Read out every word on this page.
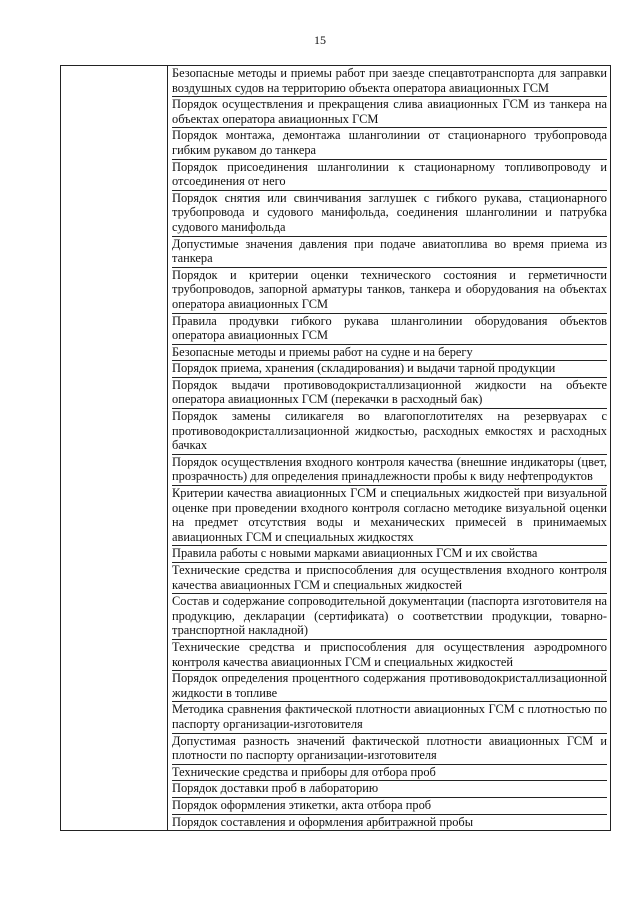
15

Безопасные методы и приемы работ при заезде спецавтотранспорта для заправки воздушных судов на территорию объекта оператора авиационных ГСМ
Порядок осуществления и прекращения слива авиационных ГСМ из танкера на объектах оператора авиационных ГСМ
Порядок монтажа, демонтажа шланголинии от стационарного трубопровода гибким рукавом до танкера
Порядок присоединения шланголинии к стационарному топливопроводу и отсоединения от него
Порядок снятия или свинчивания заглушек с гибкого рукава, стационарного трубопровода и судового манифольда, соединения шланголинии и патрубка судового манифольда
Допустимые значения давления при подаче авиатоплива во время приема из танкера
Порядок и критерии оценки технического состояния и герметичности трубопроводов, запорной арматуры танков, танкера и оборудования на объектах оператора авиационных ГСМ
Правила продувки гибкого рукава шланголинии оборудования объектов оператора авиационных ГСМ
Безопасные методы и приемы работ на судне и на берегу
Порядок приема, хранения (складирования) и выдачи тарной продукции
Порядок выдачи противоводокристаллизационной жидкости на объекте оператора авиационных ГСМ (перекачки в расходный бак)
Порядок замены силикагеля во влагопоглотителях на резервуарах с противоводокристаллизационной жидкостью, расходных емкостях и расходных бачках
Порядок осуществления входного контроля качества (внешние индикаторы (цвет, прозрачность) для определения принадлежности пробы к виду нефтепродуктов
Критерии качества авиационных ГСМ и специальных жидкостей при визуальной оценке при проведении входного контроля согласно методике визуальной оценки на предмет отсутствия воды и механических примесей в принимаемых авиационных ГСМ и специальных жидкостях
Правила работы с новыми марками авиационных ГСМ и их свойства
Технические средства и приспособления для осуществления входного контроля качества авиационных ГСМ и специальных жидкостей
Состав и содержание сопроводительной документации (паспорта изготовителя на продукцию, декларации (сертификата) о соответствии продукции, товарно-транспортной накладной)
Технические средства и приспособления для осуществления аэродромного контроля качества авиационных ГСМ и специальных жидкостей
Порядок определения процентного содержания противоводокристаллизационной жидкости в топливе
Методика сравнения фактической плотности авиационных ГСМ с плотностью по паспорту организации-изготовителя
Допустимая разность значений фактической плотности авиационных ГСМ и плотности по паспорту организации-изготовителя
Технические средства и приборы для отбора проб
Порядок доставки проб в лабораторию
Порядок оформления этикетки, акта отбора проб
Порядок составления и оформления арбитражной пробы
